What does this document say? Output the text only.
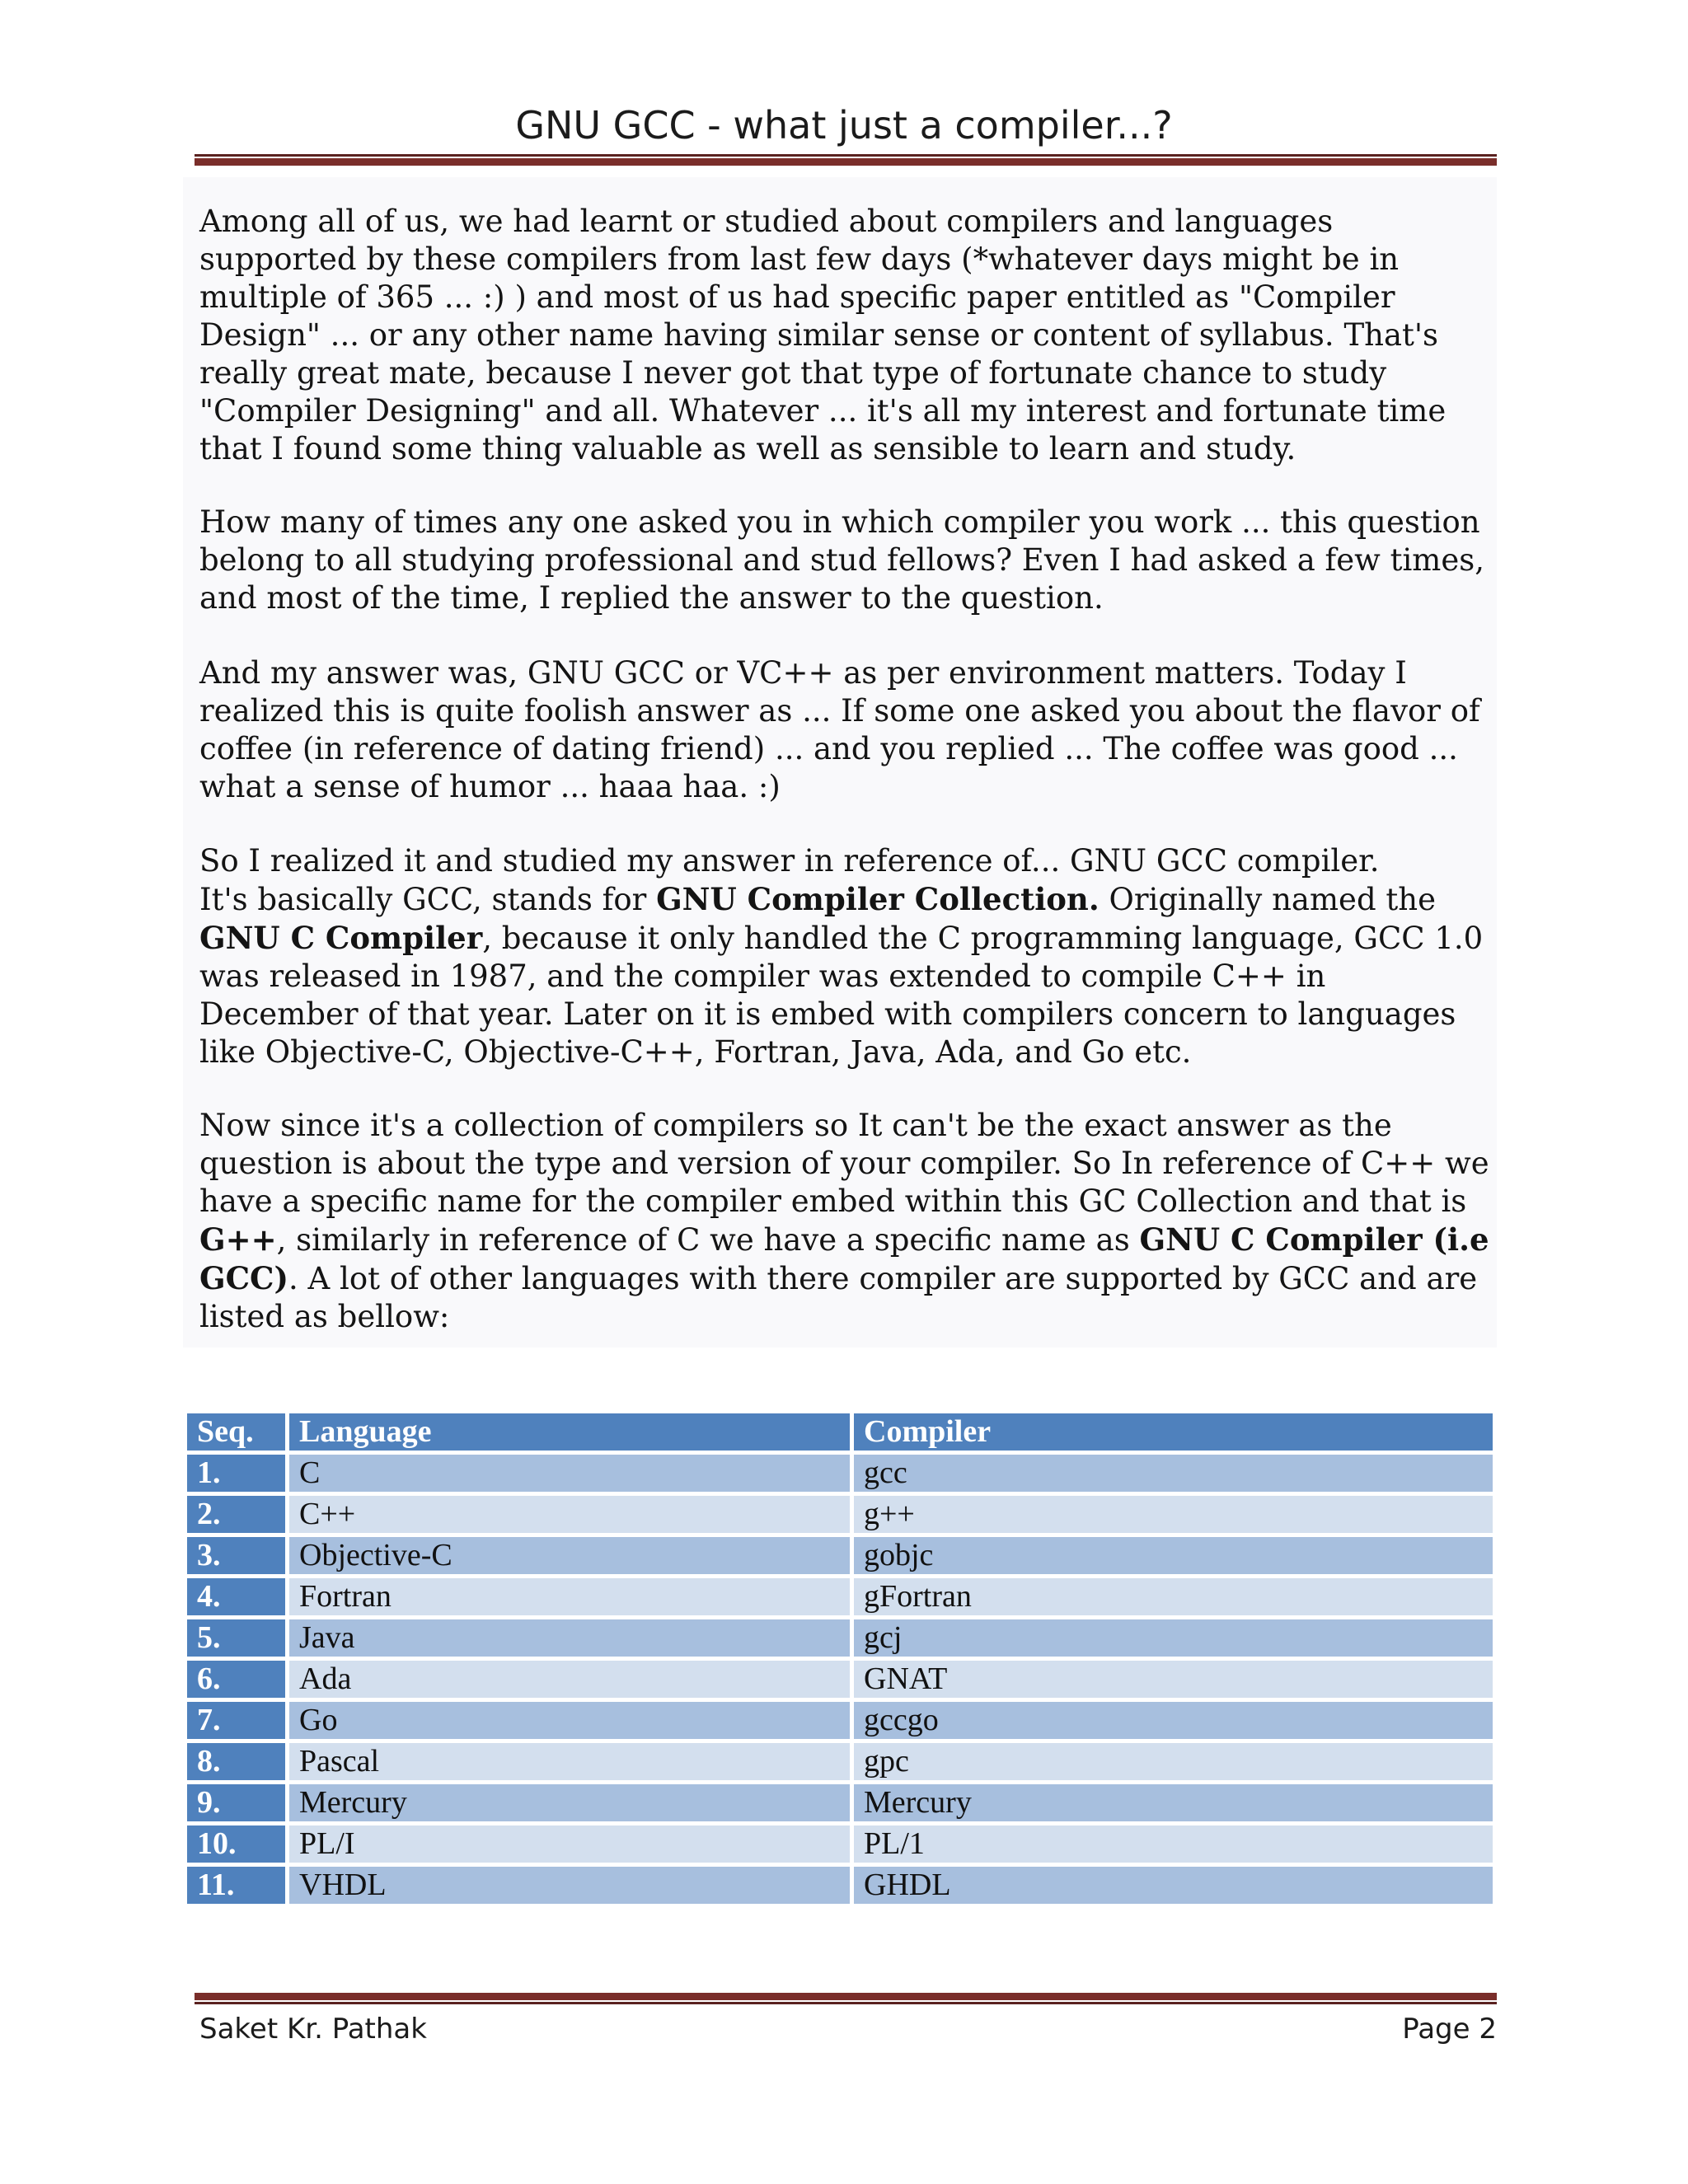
GNU GCC - what just a compiler...?

Among all of us, we had learnt or studied about compilers and languages supported by these compilers from last few days (*whatever days might be in multiple of 365 ... :) ) and most of us had specific paper entitled as "Compiler Design" ... or any other name having similar sense or content of syllabus. That's really great mate, because I never got that type of fortunate chance to study "Compiler Designing" and all. Whatever ... it's all my interest and fortunate time that I found some thing valuable as well as sensible to learn and study.

How many of times any one asked you in which compiler you work ... this question belong to all studying professional and stud fellows? Even I had asked a few times, and most of the time, I replied the answer to the question.

And my answer was, GNU GCC or VC++ as per environment matters. Today I realized this is quite foolish answer as ... If some one asked you about the flavor of coffee (in reference of dating friend) ... and you replied ... The coffee was good ... what a sense of humor ... haaa haa. :)

So I realized it and studied my answer in reference of... GNU GCC compiler.
It's basically GCC, stands for GNU Compiler Collection. Originally named the GNU C Compiler, because it only handled the C programming language, GCC 1.0 was released in 1987, and the compiler was extended to compile C++ in December of that year. Later on it is embed with compilers concern to languages like Objective-C, Objective-C++, Fortran, Java, Ada, and Go etc.

Now since it's a collection of compilers so It can't be the exact answer as the question is about the type and version of your compiler. So In reference of C++ we have a specific name for the compiler embed within this GC Collection and that is G++, similarly in reference of C we have a specific name as GNU C Compiler (i.e GCC). A lot of other languages with there compiler are supported by GCC and are listed as bellow:

Seq.	Language	Compiler
1.	C	gcc
2.	C++	g++
3.	Objective-C	gobjc
4.	Fortran	gFortran
5.	Java	gcj
6.	Ada	GNAT
7.	Go	gccgo
8.	Pascal	gpc
9.	Mercury	Mercury
10.	PL/I	PL/1
11.	VHDL	GHDL
Saket Kr. Pathak	Page 2
